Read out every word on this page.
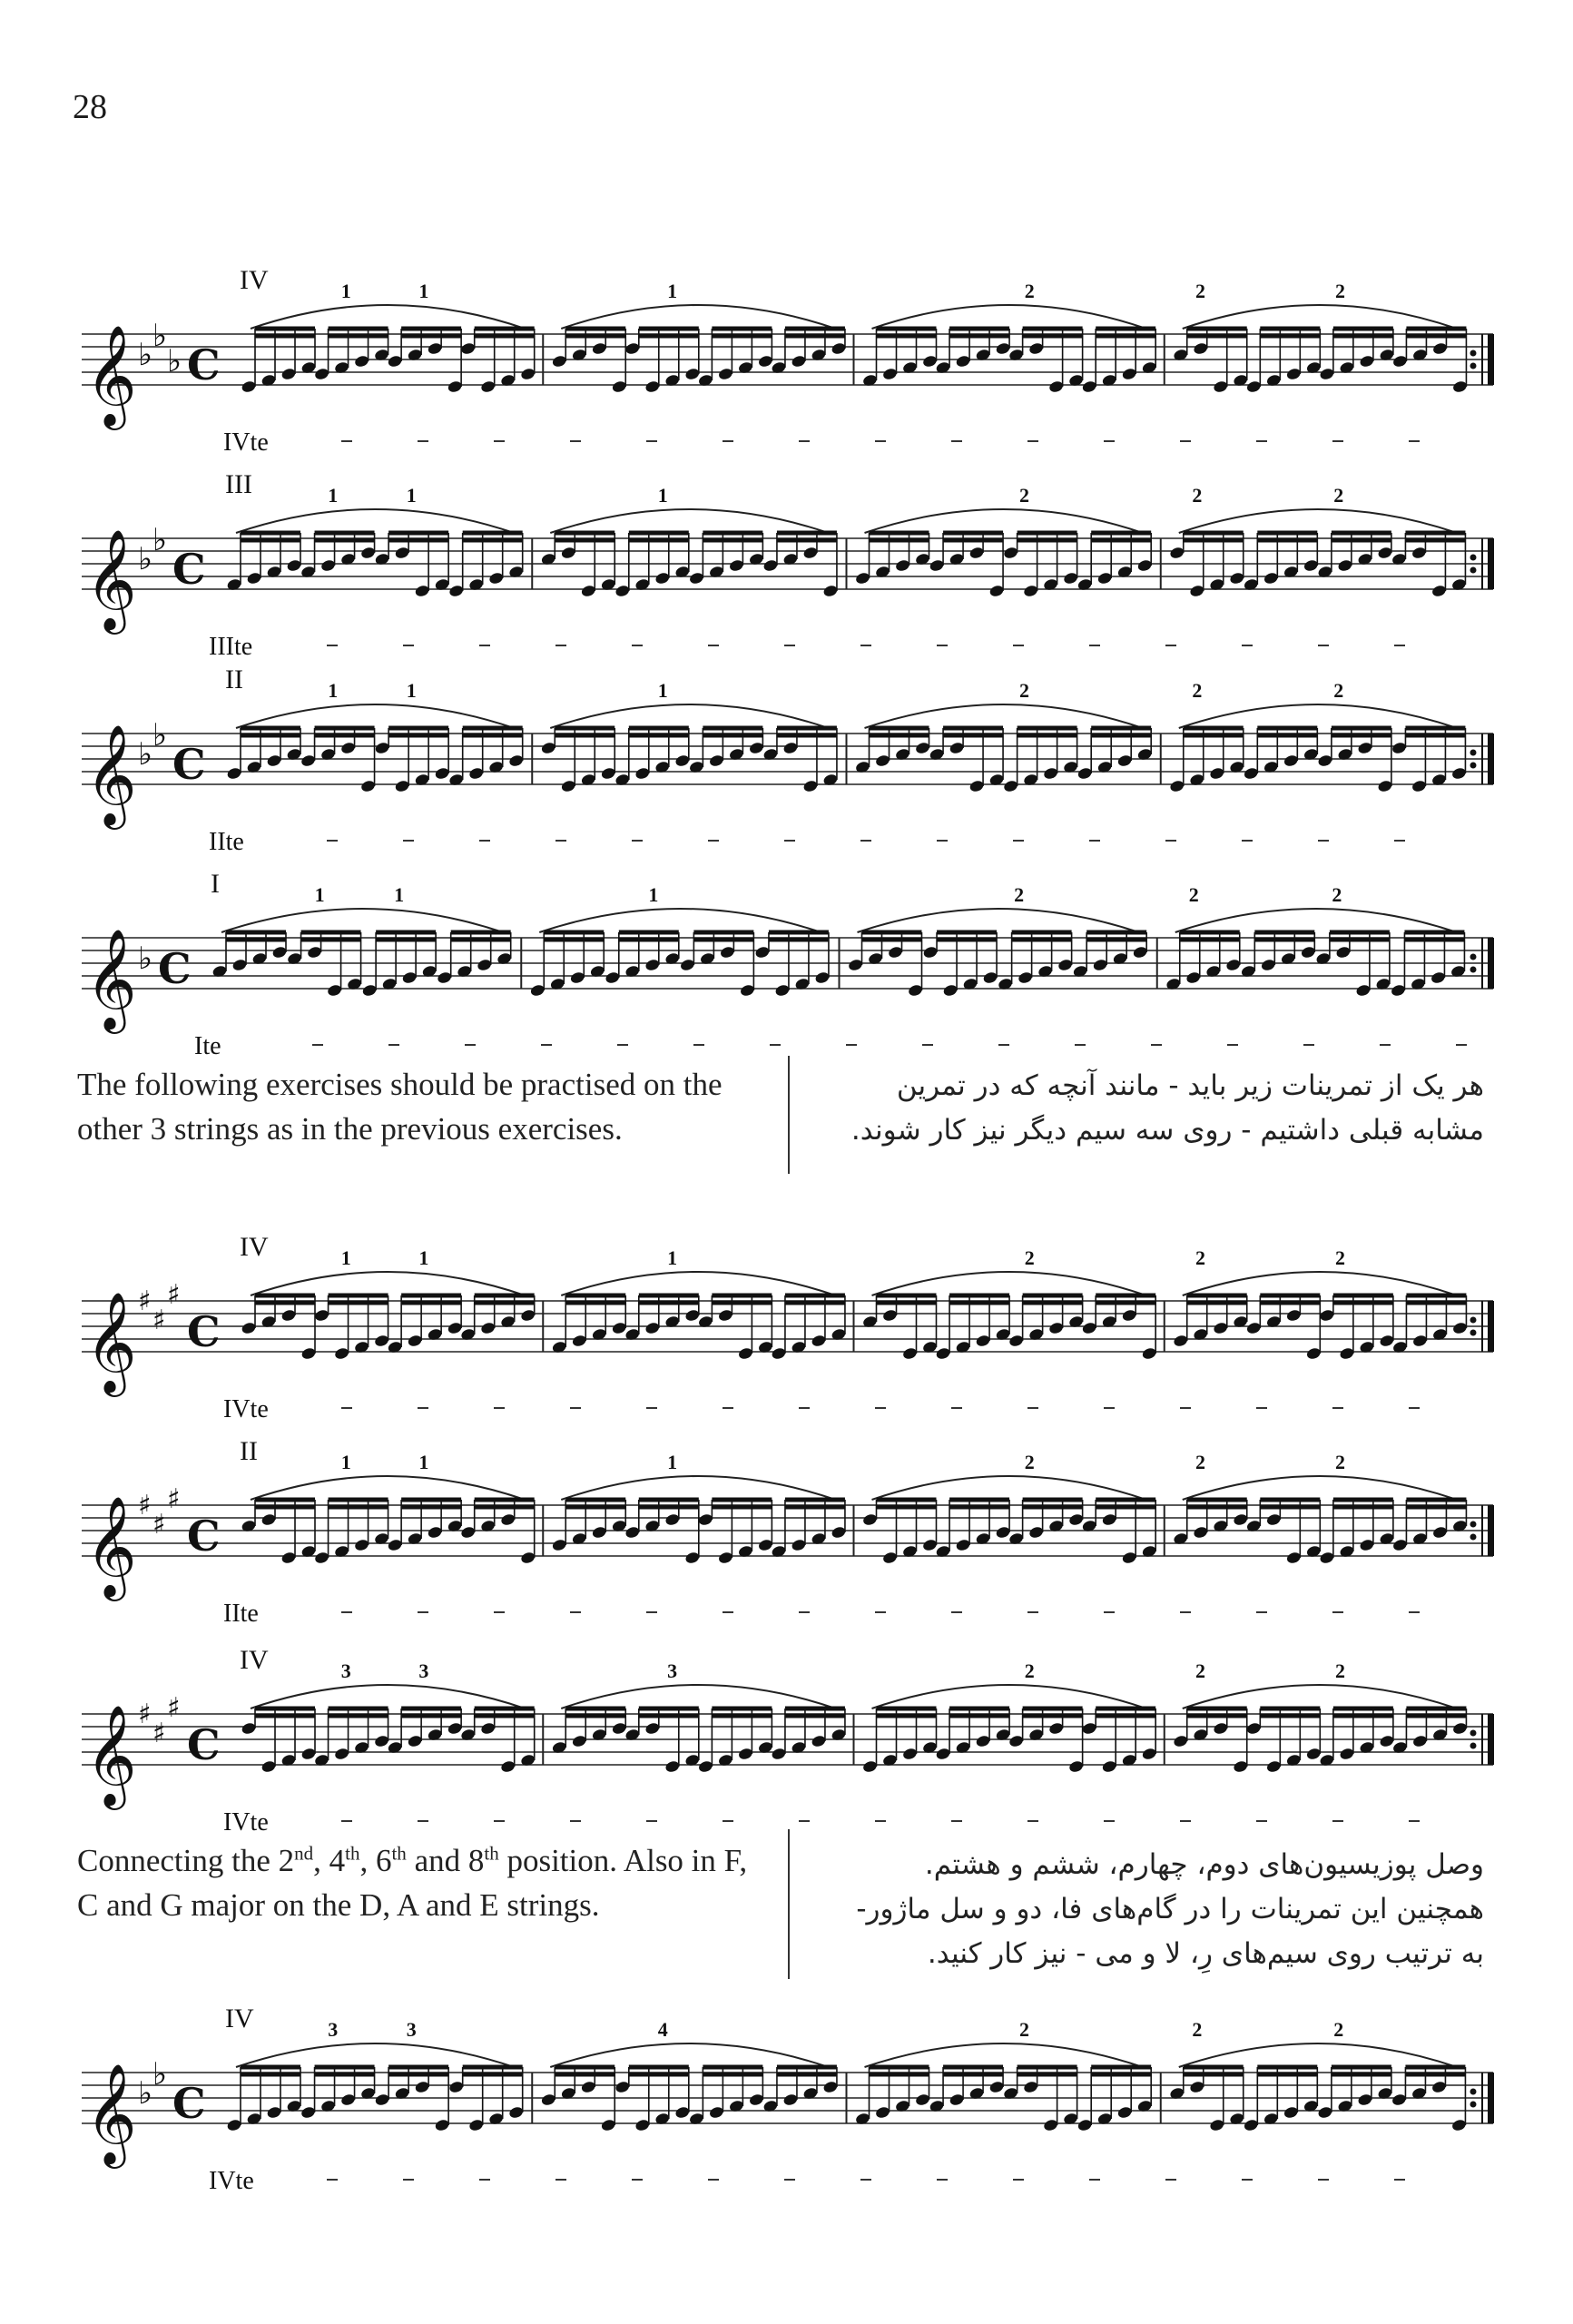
28
𝄞 ♭
♭
♭ C
IV
IVte
1	1	1	2	2	2
𝄞 ♭
♭
C
III
IIIte
1	1	1	2	2	2
𝄞 ♭
♭
C
II
IIte
1	1	1	2	2	2
𝄞 ♭ C
I
Ite
1	1	1	2	2	2
The following exercises should be practised on the other 3 strings as in the previous exercises.
هر یک از تمرینات زیر باید - مانند آنچه که در تمرین مشابه قبلی داشتیم - روی سه سیم دیگر نیز کار شوند.
𝄞 ♯
♯
♯
C
IV
IVte
1	1	1	2	2	2
𝄞 ♯
♯
♯
C
II
IIte
1	1	1	2	2	2
𝄞 ♯
♯
♯
C
IV
IVte
3	3	3	2	2	2
Connecting the 2nd, 4th, 6th and 8th position. Also in F, C and G major on the D, A and E strings.
وصل پوزیسیون‌های دوم، چهارم، ششم و هشتم. همچنین این تمرینات را در گام‌های فا، دو و سل ماژور- به ترتیب روی سیم‌های رِ، لا و می - نیز کار کنید.
𝄞 ♭
♭
C
IV
IVte
3	3	4	2	2	2
